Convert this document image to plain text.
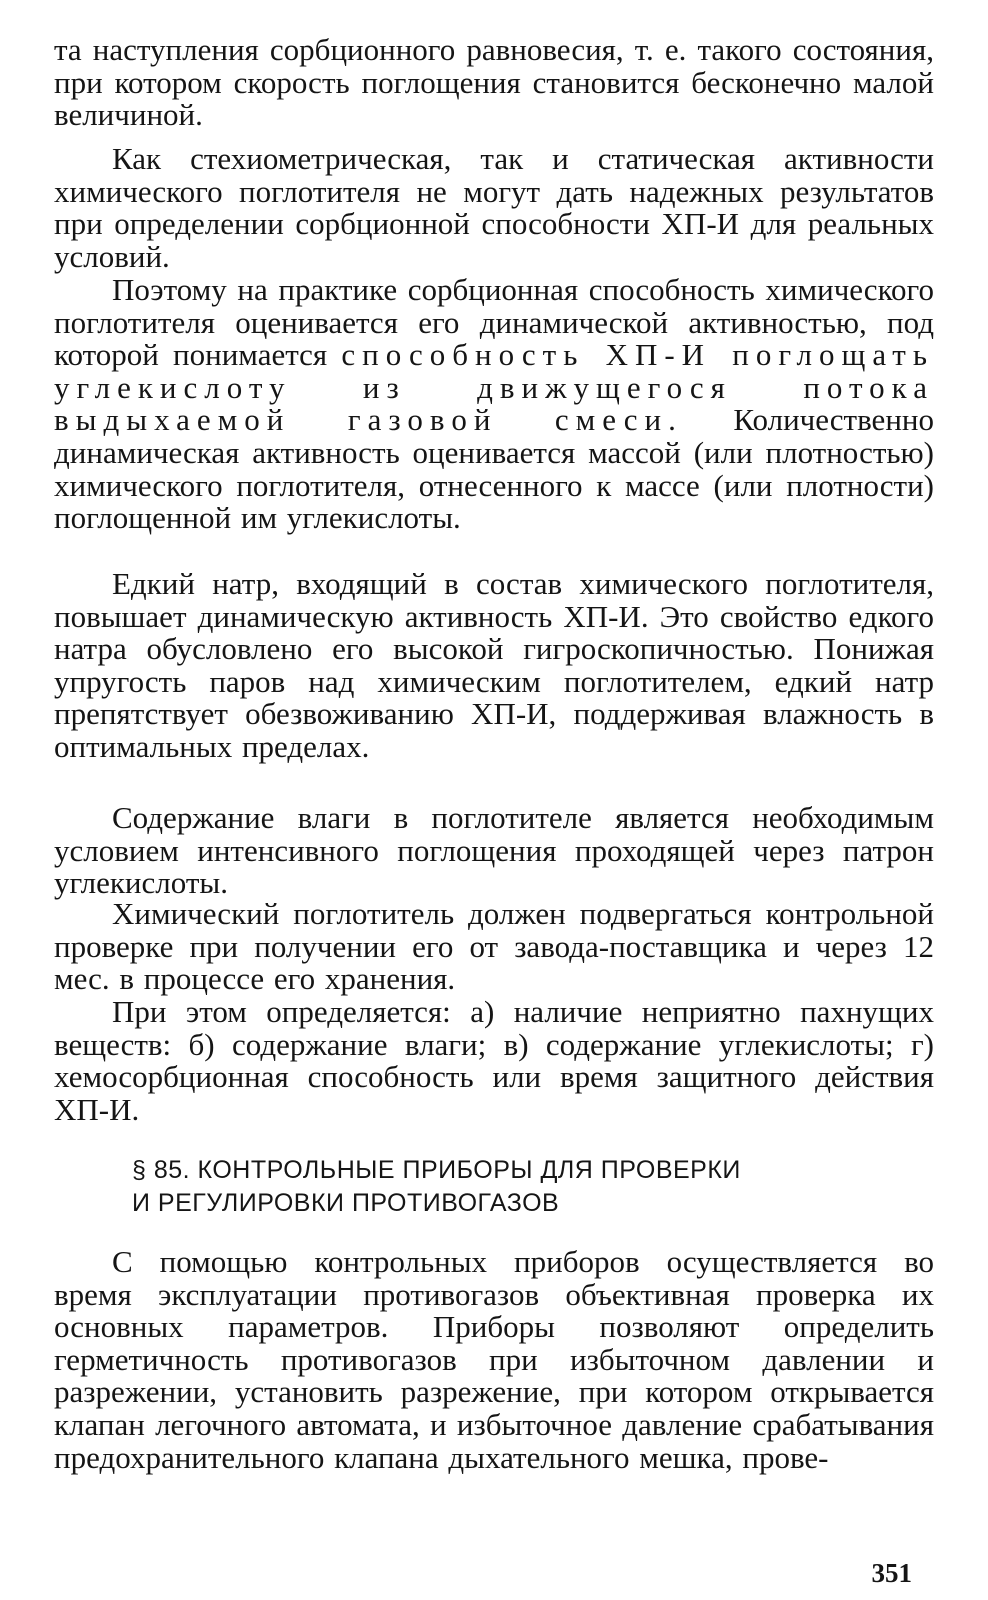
та наступления сорбционного равновесия, т. е. такого состояния, при котором скорость поглощения становится бесконечно малой величиной.

Как стехиометрическая, так и статическая активности химического поглотителя не могут дать надежных результатов при определении сорбционной способности ХП-И для реальных условий.

Поэтому на практике сорбционная способность химического поглотителя оценивается его динамической активностью, под которой понимается способность ХП-И поглощать углекислоту из движущегося потока выдыхаемой газовой смеси. Количественно динамическая активность оценивается массой (или плотностью) химического поглотителя, отнесенного к массе (или плотности) поглощенной им углекислоты.

Едкий натр, входящий в состав химического поглотителя, повышает динамическую активность ХП-И. Это свойство едкого натра обусловлено его высокой гигроскопичностью. Понижая упругость паров над химическим поглотителем, едкий натр препятствует обезвоживанию ХП-И, поддерживая влажность в оптимальных пределах.

Содержание влаги в поглотителе является необходимым условием интенсивного поглощения проходящей через патрон углекислоты.

Химический поглотитель должен подвергаться контрольной проверке при получении его от завода-поставщика и через 12 мес. в процессе его хранения.

При этом определяется: а) наличие неприятно пахнущих веществ: б) содержание влаги; в) содержание углекислоты; г) хемосорбционная способность или время защитного действия ХП-И.

§ 85. КОНТРОЛЬНЫЕ ПРИБОРЫ ДЛЯ ПРОВЕРКИ
И РЕГУЛИРОВКИ ПРОТИВОГАЗОВ

С помощью контрольных приборов осуществляется во время эксплуатации противогазов объективная проверка их основных параметров. Приборы позволяют определить герметичность противогазов при избыточном давлении и разрежении, установить разрежение, при котором открывается клапан легочного автомата, и избыточное давление срабатывания предохранительного клапана дыхательного мешка, прове-

351
